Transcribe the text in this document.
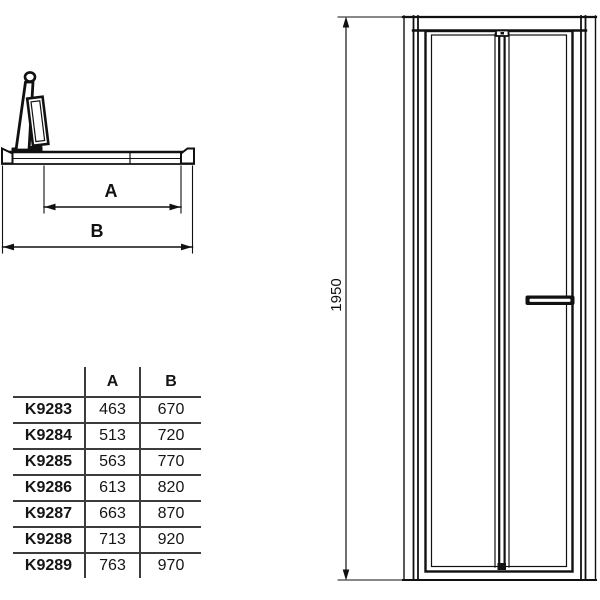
A
B
1950
	A	B
K9283	463	670
K9284	513	720
K9285	563	770
K9286	613	820
K9287	663	870
K9288	713	920
K9289	763	970
